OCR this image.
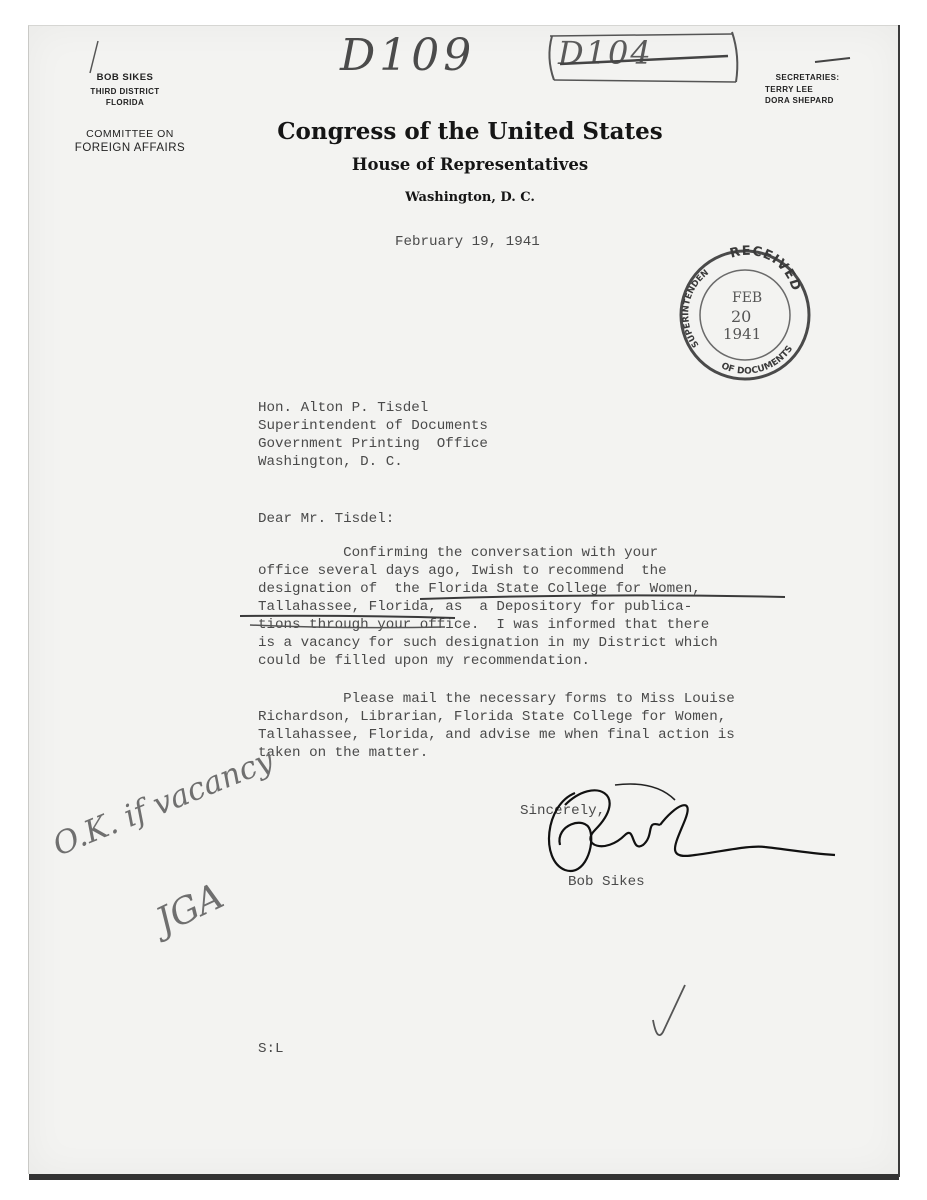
BOB SIKES
THIRD DISTRICT
FLORIDA
COMMITTEE ON
FOREIGN AFFAIRS
SECRETARIES:
TERRY LEE
DORA SHEPARD
Congress of the United States
House of Representatives
Washington, D. C.
D109	D104
February 19, 1941
RECEIVED
SUPERINTENDEN
OF DOCUMENTS
FEB
20
1941
Hon. Alton P. Tisdel
Superintendent of Documents
Government Printing  Office
Washington, D. C.
Dear Mr. Tisdel:
Confirming the conversation with your
office several days ago, Iwish to recommend  the
designation of  the Florida State College for Women,
Tallahassee, Florida, as  a Depository for publica-
tions through your office.  I was informed that there
is a vacancy for such designation in my District which
could be filled upon my recommendation.
Please mail the necessary forms to Miss Louise
Richardson, Librarian, Florida State College for Women,
Tallahassee, Florida, and advise me when final action is
taken on the matter.
Sincerely,
Bob Sikes
O.K. if vacancy
JGA
S:L
